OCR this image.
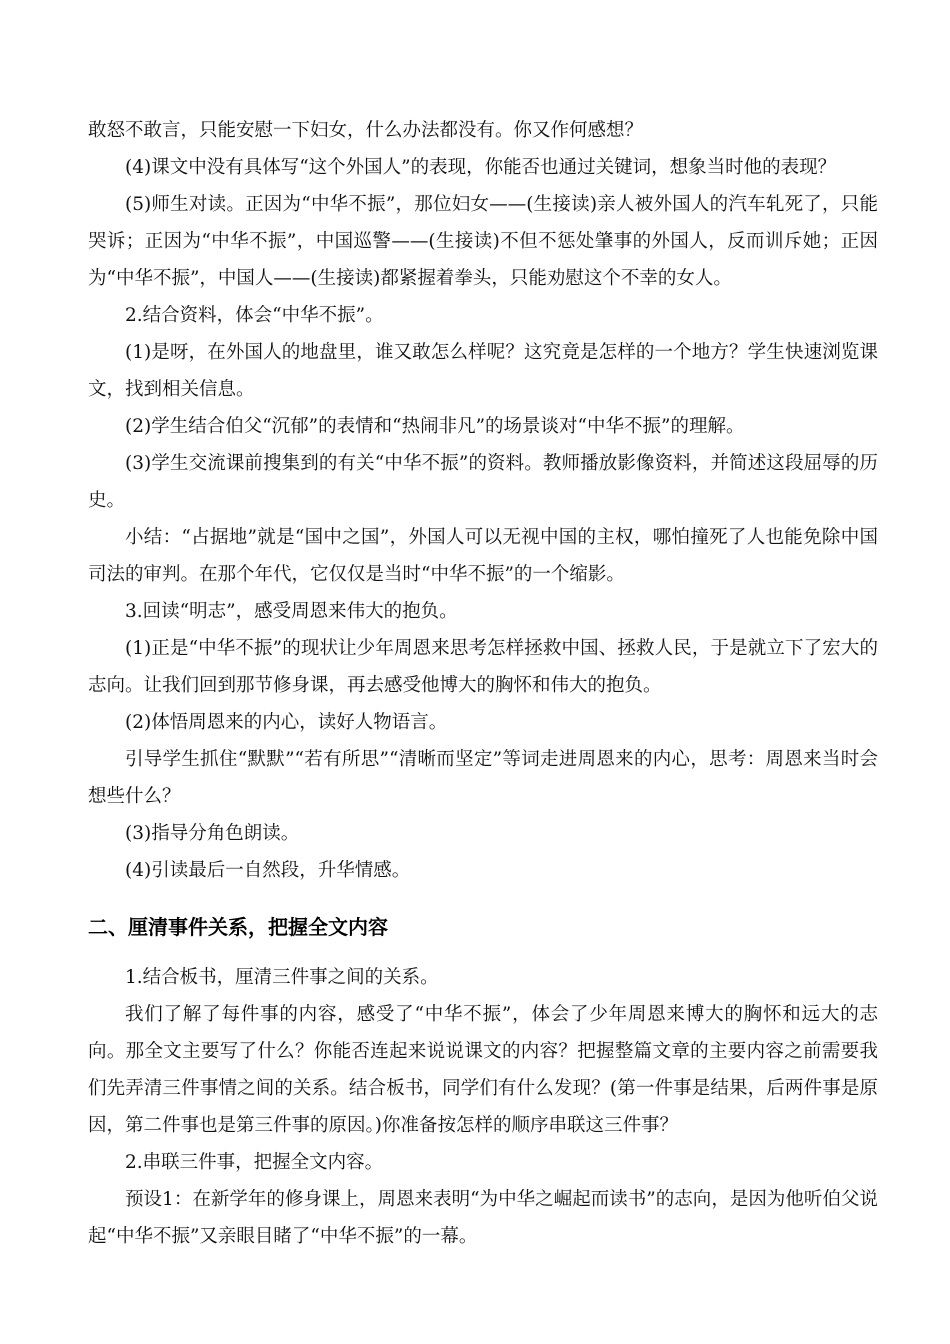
敢怒不敢言，只能安慰一下妇女，什么办法都没有。你又作何感想？

(4)课文中没有具体写“这个外国人”的表现，你能否也通过关键词，想象当时他的表现？

(5)师生对读。正因为“中华不振”，那位妇女——(生接读)亲人被外国人的汽车轧死了，只能哭诉；正因为“中华不振”，中国巡警——(生接读)不但不惩处肇事的外国人，反而训斥她；正因为“中华不振”，中国人——(生接读)都紧握着拳头，只能劝慰这个不幸的女人。

2.结合资料，体会“中华不振”。

(1)是呀，在外国人的地盘里，谁又敢怎么样呢？这究竟是怎样的一个地方？学生快速浏览课文，找到相关信息。

(2)学生结合伯父“沉郁”的表情和“热闹非凡”的场景谈对“中华不振”的理解。

(3)学生交流课前搜集到的有关“中华不振”的资料。教师播放影像资料，并简述这段屈辱的历史。

小结：“占据地”就是“国中之国”，外国人可以无视中国的主权，哪怕撞死了人也能免除中国司法的审判。在那个年代，它仅仅是当时“中华不振”的一个缩影。

3.回读“明志”，感受周恩来伟大的抱负。

(1)正是“中华不振”的现状让少年周恩来思考怎样拯救中国、拯救人民，于是就立下了宏大的志向。让我们回到那节修身课，再去感受他博大的胸怀和伟大的抱负。

(2)体悟周恩来的内心，读好人物语言。

引导学生抓住“默默”“若有所思”“清晰而坚定”等词走进周恩来的内心，思考：周恩来当时会想些什么？

(3)指导分角色朗读。

(4)引读最后一自然段，升华情感。

二、厘清事件关系，把握全文内容

1.结合板书，厘清三件事之间的关系。

我们了解了每件事的内容，感受了“中华不振”，体会了少年周恩来博大的胸怀和远大的志向。那全文主要写了什么？你能否连起来说说课文的内容？把握整篇文章的主要内容之前需要我们先弄清三件事情之间的关系。结合板书，同学们有什么发现？(第一件事是结果，后两件事是原因，第二件事也是第三件事的原因。)你准备按怎样的顺序串联这三件事？

2.串联三件事，把握全文内容。

预设1：在新学年的修身课上，周恩来表明“为中华之崛起而读书”的志向，是因为他听伯父说起“中华不振”又亲眼目睹了“中华不振”的一幕。
